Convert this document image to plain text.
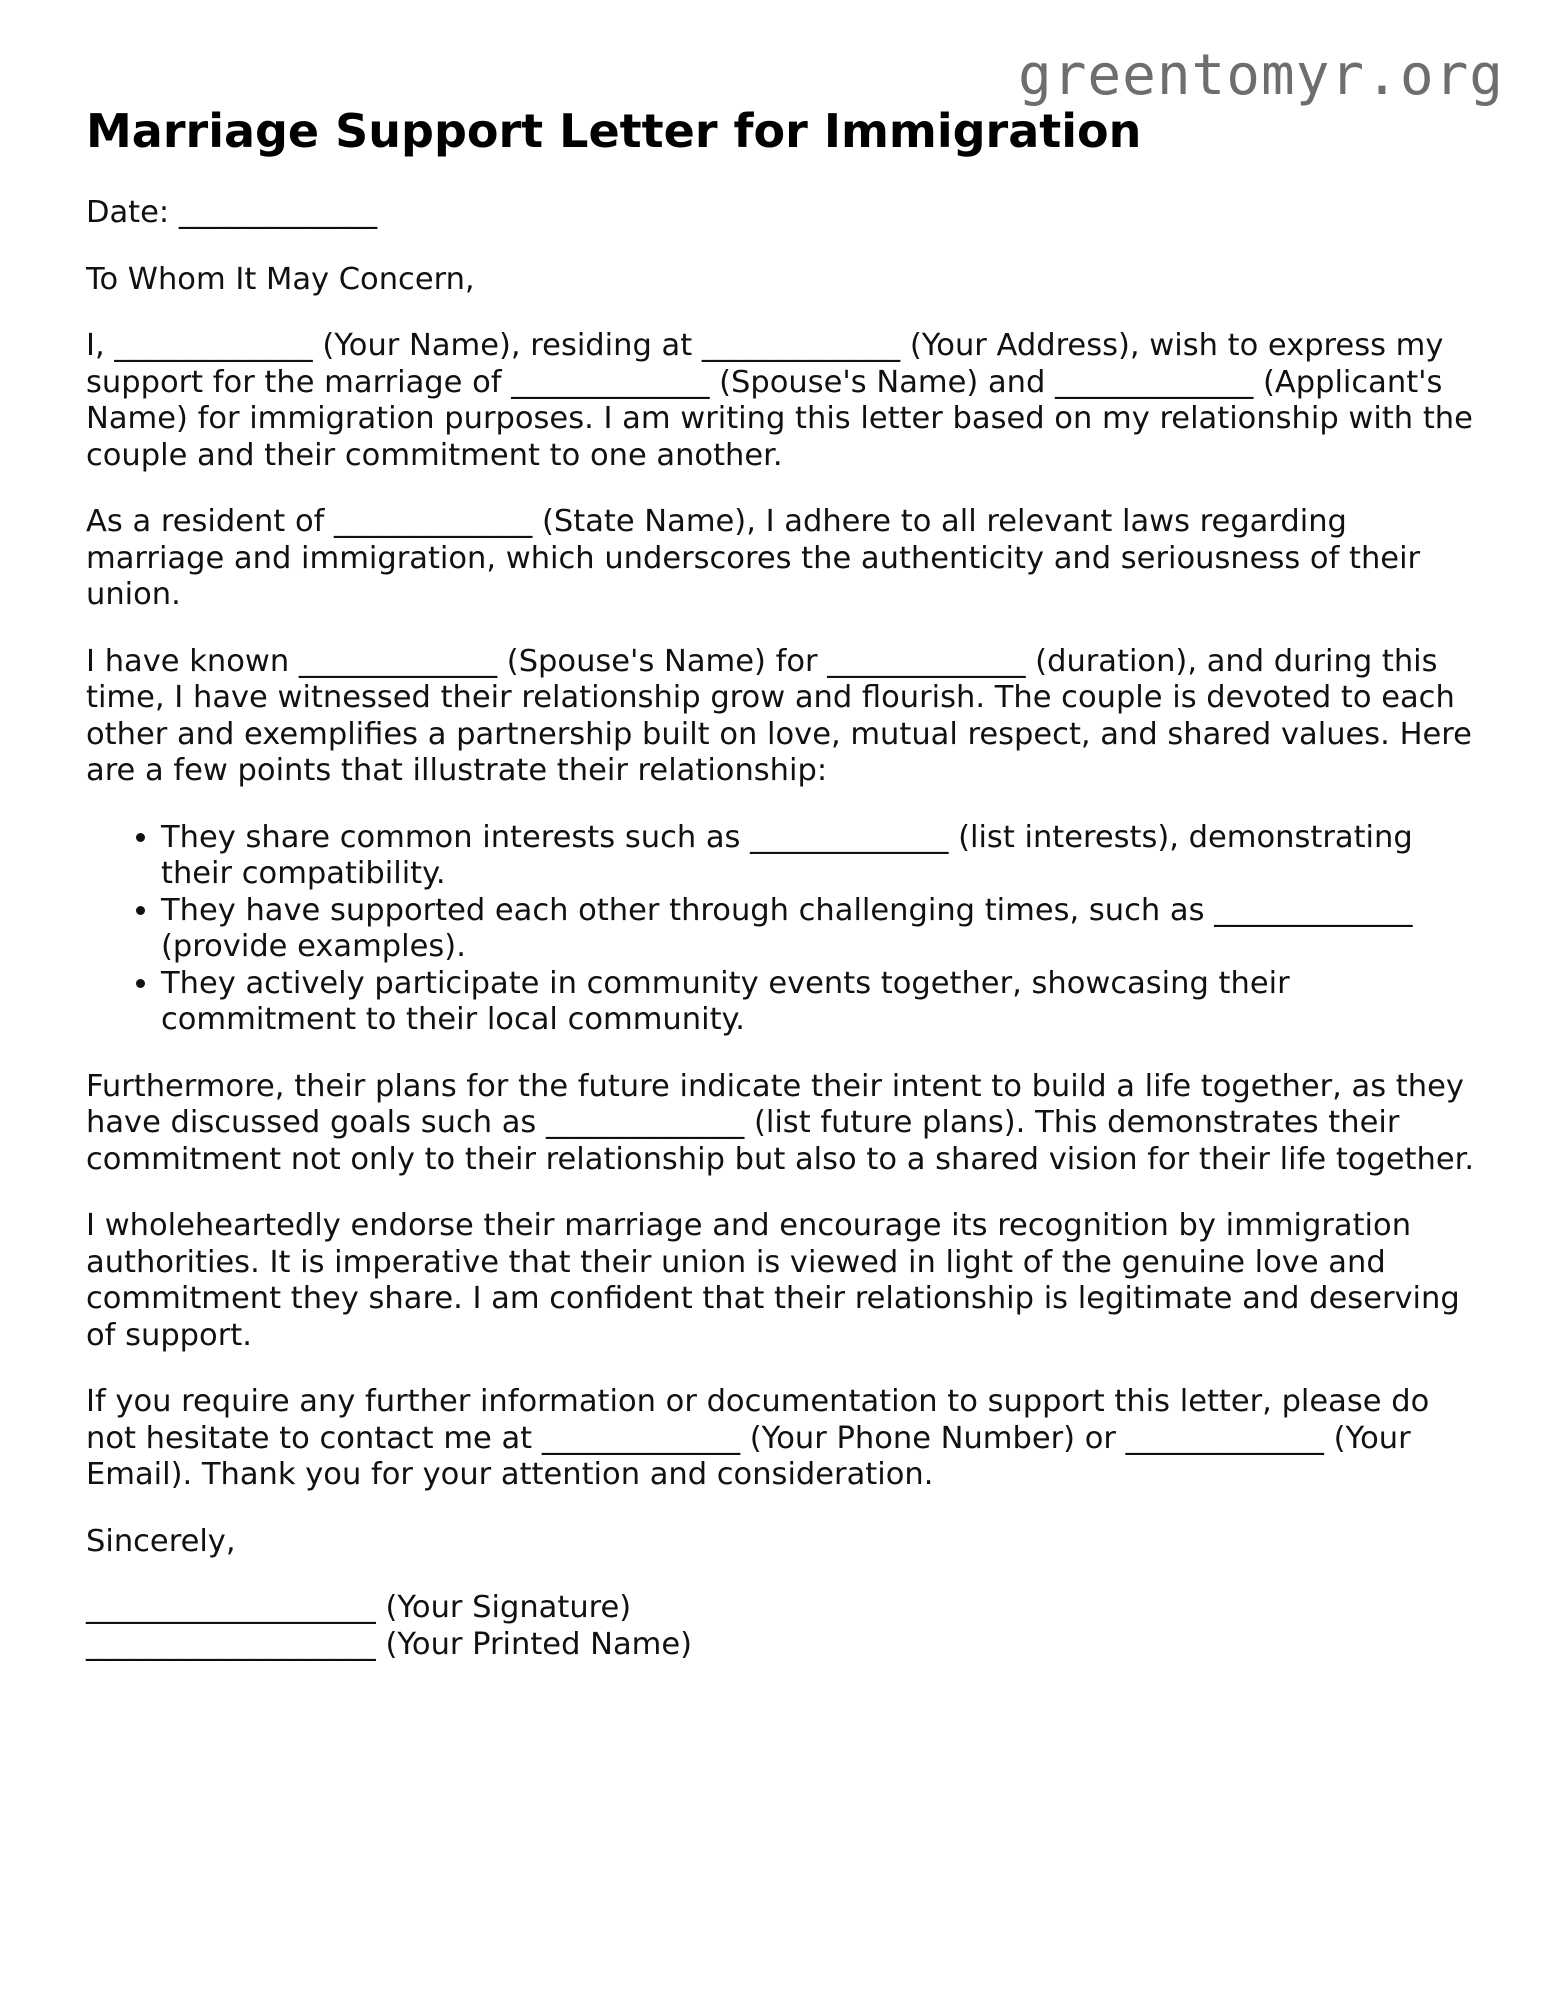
greentomyr.org
Marriage Support Letter for Immigration

Date: _____________

To Whom It May Concern,

I, _____________ (Your Name), residing at _____________ (Your Address), wish to express my support for the marriage of _____________ (Spouse's Name) and _____________ (Applicant's Name) for immigration purposes. I am writing this letter based on my relationship with the couple and their commitment to one another.

As a resident of _____________ (State Name), I adhere to all relevant laws regarding marriage and immigration, which underscores the authenticity and seriousness of their union.

I have known _____________ (Spouse's Name) for _____________ (duration), and during this time, I have witnessed their relationship grow and flourish. The couple is devoted to each other and exemplifies a partnership built on love, mutual respect, and shared values. Here are a few points that illustrate their relationship:

• They share common interests such as _____________ (list interests), demonstrating their compatibility.
• They have supported each other through challenging times, such as _____________ (provide examples).
• They actively participate in community events together, showcasing their commitment to their local community.

Furthermore, their plans for the future indicate their intent to build a life together, as they have discussed goals such as _____________ (list future plans). This demonstrates their commitment not only to their relationship but also to a shared vision for their life together.

I wholeheartedly endorse their marriage and encourage its recognition by immigration authorities. It is imperative that their union is viewed in light of the genuine love and commitment they share. I am confident that their relationship is legitimate and deserving of support.

If you require any further information or documentation to support this letter, please do not hesitate to contact me at _____________ (Your Phone Number) or _____________ (Your Email). Thank you for your attention and consideration.

Sincerely,

___________________ (Your Signature)
___________________ (Your Printed Name)
